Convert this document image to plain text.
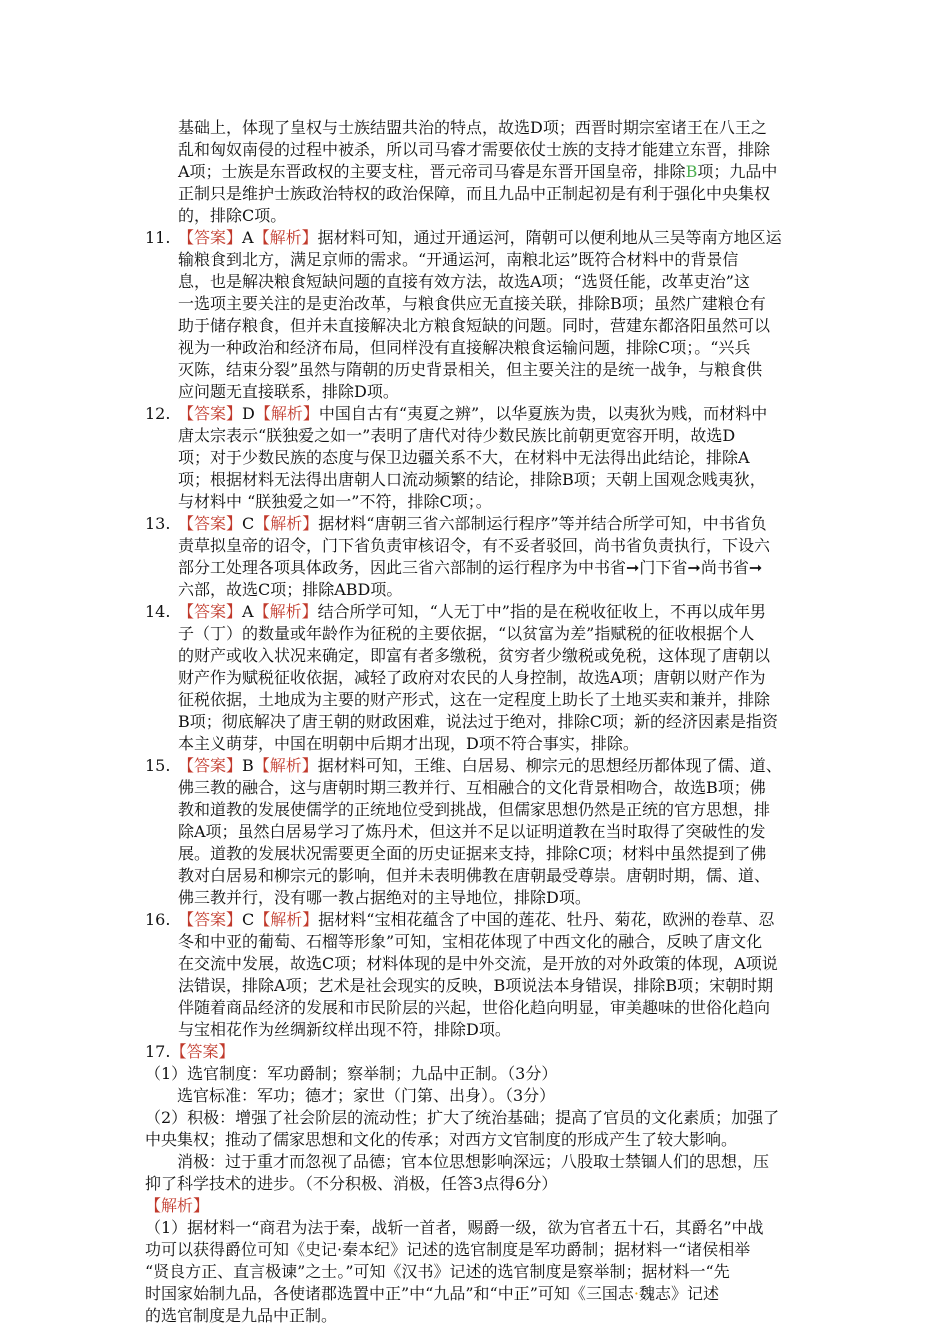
基础上，体现了皇权与士族结盟共治的特点，故选D项；西晋时期宗室诸王在八王之
乱和匈奴南侵的过程中被杀，所以司马睿才需要依仗士族的支持才能建立东晋，排除
A项；士族是东晋政权的主要支柱，晋元帝司马睿是东晋开国皇帝，排除B项；九品中
正制只是维护士族政治特权的政治保障，而且九品中正制起初是有利于强化中央集权
的，排除C项。
11. 【答案】A【解析】据材料可知，通过开通运河，隋朝可以便利地从三吴等南方地区运
输粮食到北方，满足京师的需求。“开通运河，南粮北运”既符合材料中的背景信
息，也是解决粮食短缺问题的直接有效方法，故选A项；“选贤任能，改革吏治”这
一选项主要关注的是吏治改革，与粮食供应无直接关联，排除B项；虽然广建粮仓有
助于储存粮食，但并未直接解决北方粮食短缺的问题。同时，营建东都洛阳虽然可以
视为一种政治和经济布局，但同样没有直接解决粮食运输问题，排除C项；。“兴兵
灭陈，结束分裂”虽然与隋朝的历史背景相关，但主要关注的是统一战争，与粮食供
应问题无直接联系，排除D项。
12. 【答案】D【解析】中国自古有“夷夏之辨”，以华夏族为贵，以夷狄为贱，而材料中
唐太宗表示“朕独爱之如一”表明了唐代对待少数民族比前朝更宽容开明，故选D
项；对于少数民族的态度与保卫边疆关系不大，在材料中无法得出此结论，排除A
项；根据材料无法得出唐朝人口流动频繁的结论，排除B项；天朝上国观念贱夷狄，
与材料中 “朕独爱之如一”不符，排除C项；。
13. 【答案】C【解析】据材料“唐朝三省六部制运行程序”等并结合所学可知，中书省负
责草拟皇帝的诏令，门下省负责审核诏令，有不妥者驳回，尚书省负责执行，下设六
部分工处理各项具体政务，因此三省六部制的运行程序为中书省➞门下省➞尚书省➞
六部，故选C项；排除ABD项。
14. 【答案】A【解析】结合所学可知，“人无丁中”指的是在税收征收上，不再以成年男
子（丁）的数量或年龄作为征税的主要依据，“以贫富为差”指赋税的征收根据个人
的财产或收入状况来确定，即富有者多缴税，贫穷者少缴税或免税，这体现了唐朝以
财产作为赋税征收依据，减轻了政府对农民的人身控制，故选A项；唐朝以财产作为
征税依据，土地成为主要的财产形式，这在一定程度上助长了土地买卖和兼并，排除
B项；彻底解决了唐王朝的财政困难，说法过于绝对，排除C项；新的经济因素是指资
本主义萌芽，中国在明朝中后期才出现，D项不符合事实，排除。
15. 【答案】B【解析】据材料可知，王维、白居易、柳宗元的思想经历都体现了儒、道、
佛三教的融合，这与唐朝时期三教并行、互相融合的文化背景相吻合，故选B项；佛
教和道教的发展使儒学的正统地位受到挑战，但儒家思想仍然是正统的官方思想，排
除A项；虽然白居易学习了炼丹术，但这并不足以证明道教在当时取得了突破性的发
展。道教的发展状况需要更全面的历史证据来支持，排除C项；材料中虽然提到了佛
教对白居易和柳宗元的影响，但并未表明佛教在唐朝最受尊崇。唐朝时期，儒、道、
佛三教并行，没有哪一教占据绝对的主导地位，排除D项。
16. 【答案】C【解析】据材料“宝相花蕴含了中国的莲花、牡丹、菊花，欧洲的卷草、忍
冬和中亚的葡萄、石榴等形象”可知，宝相花体现了中西文化的融合，反映了唐文化
在交流中发展，故选C项；材料体现的是中外交流，是开放的对外政策的体现，A项说
法错误，排除A项；艺术是社会现实的反映，B项说法本身错误，排除B项；宋朝时期
伴随着商品经济的发展和市民阶层的兴起，世俗化趋向明显，审美趣味的世俗化趋向
与宝相花作为丝绸新纹样出现不符，排除D项。
17.【答案】
（1）选官制度：军功爵制；察举制；九品中正制。（3分）
　　选官标准：军功；德才；家世（门第、出身）。（3分）
（2）积极：增强了社会阶层的流动性；扩大了统治基础；提高了官员的文化素质；加强了
中央集权；推动了儒家思想和文化的传承；对西方文官制度的形成产生了较大影响。
　　消极：过于重才而忽视了品德；官本位思想影响深远；八股取士禁锢人们的思想，压
抑了科学技术的进步。（不分积极、消极，任答3点得6分）
【解析】
（1）据材料一“商君为法于秦，战斩一首者，赐爵一级，欲为官者五十石，其爵名”中战
功可以获得爵位可知《史记·秦本纪》记述的选官制度是军功爵制；据材料一“诸侯相举
“贤良方正、直言极谏”之士。”可知《汉书》记述的选官制度是察举制；据材料一“先
时国家始制九品，各使诸郡选置中正”中“九品”和“中正”可知《三国志·魏志》记述
的选官制度是九品中正制。
